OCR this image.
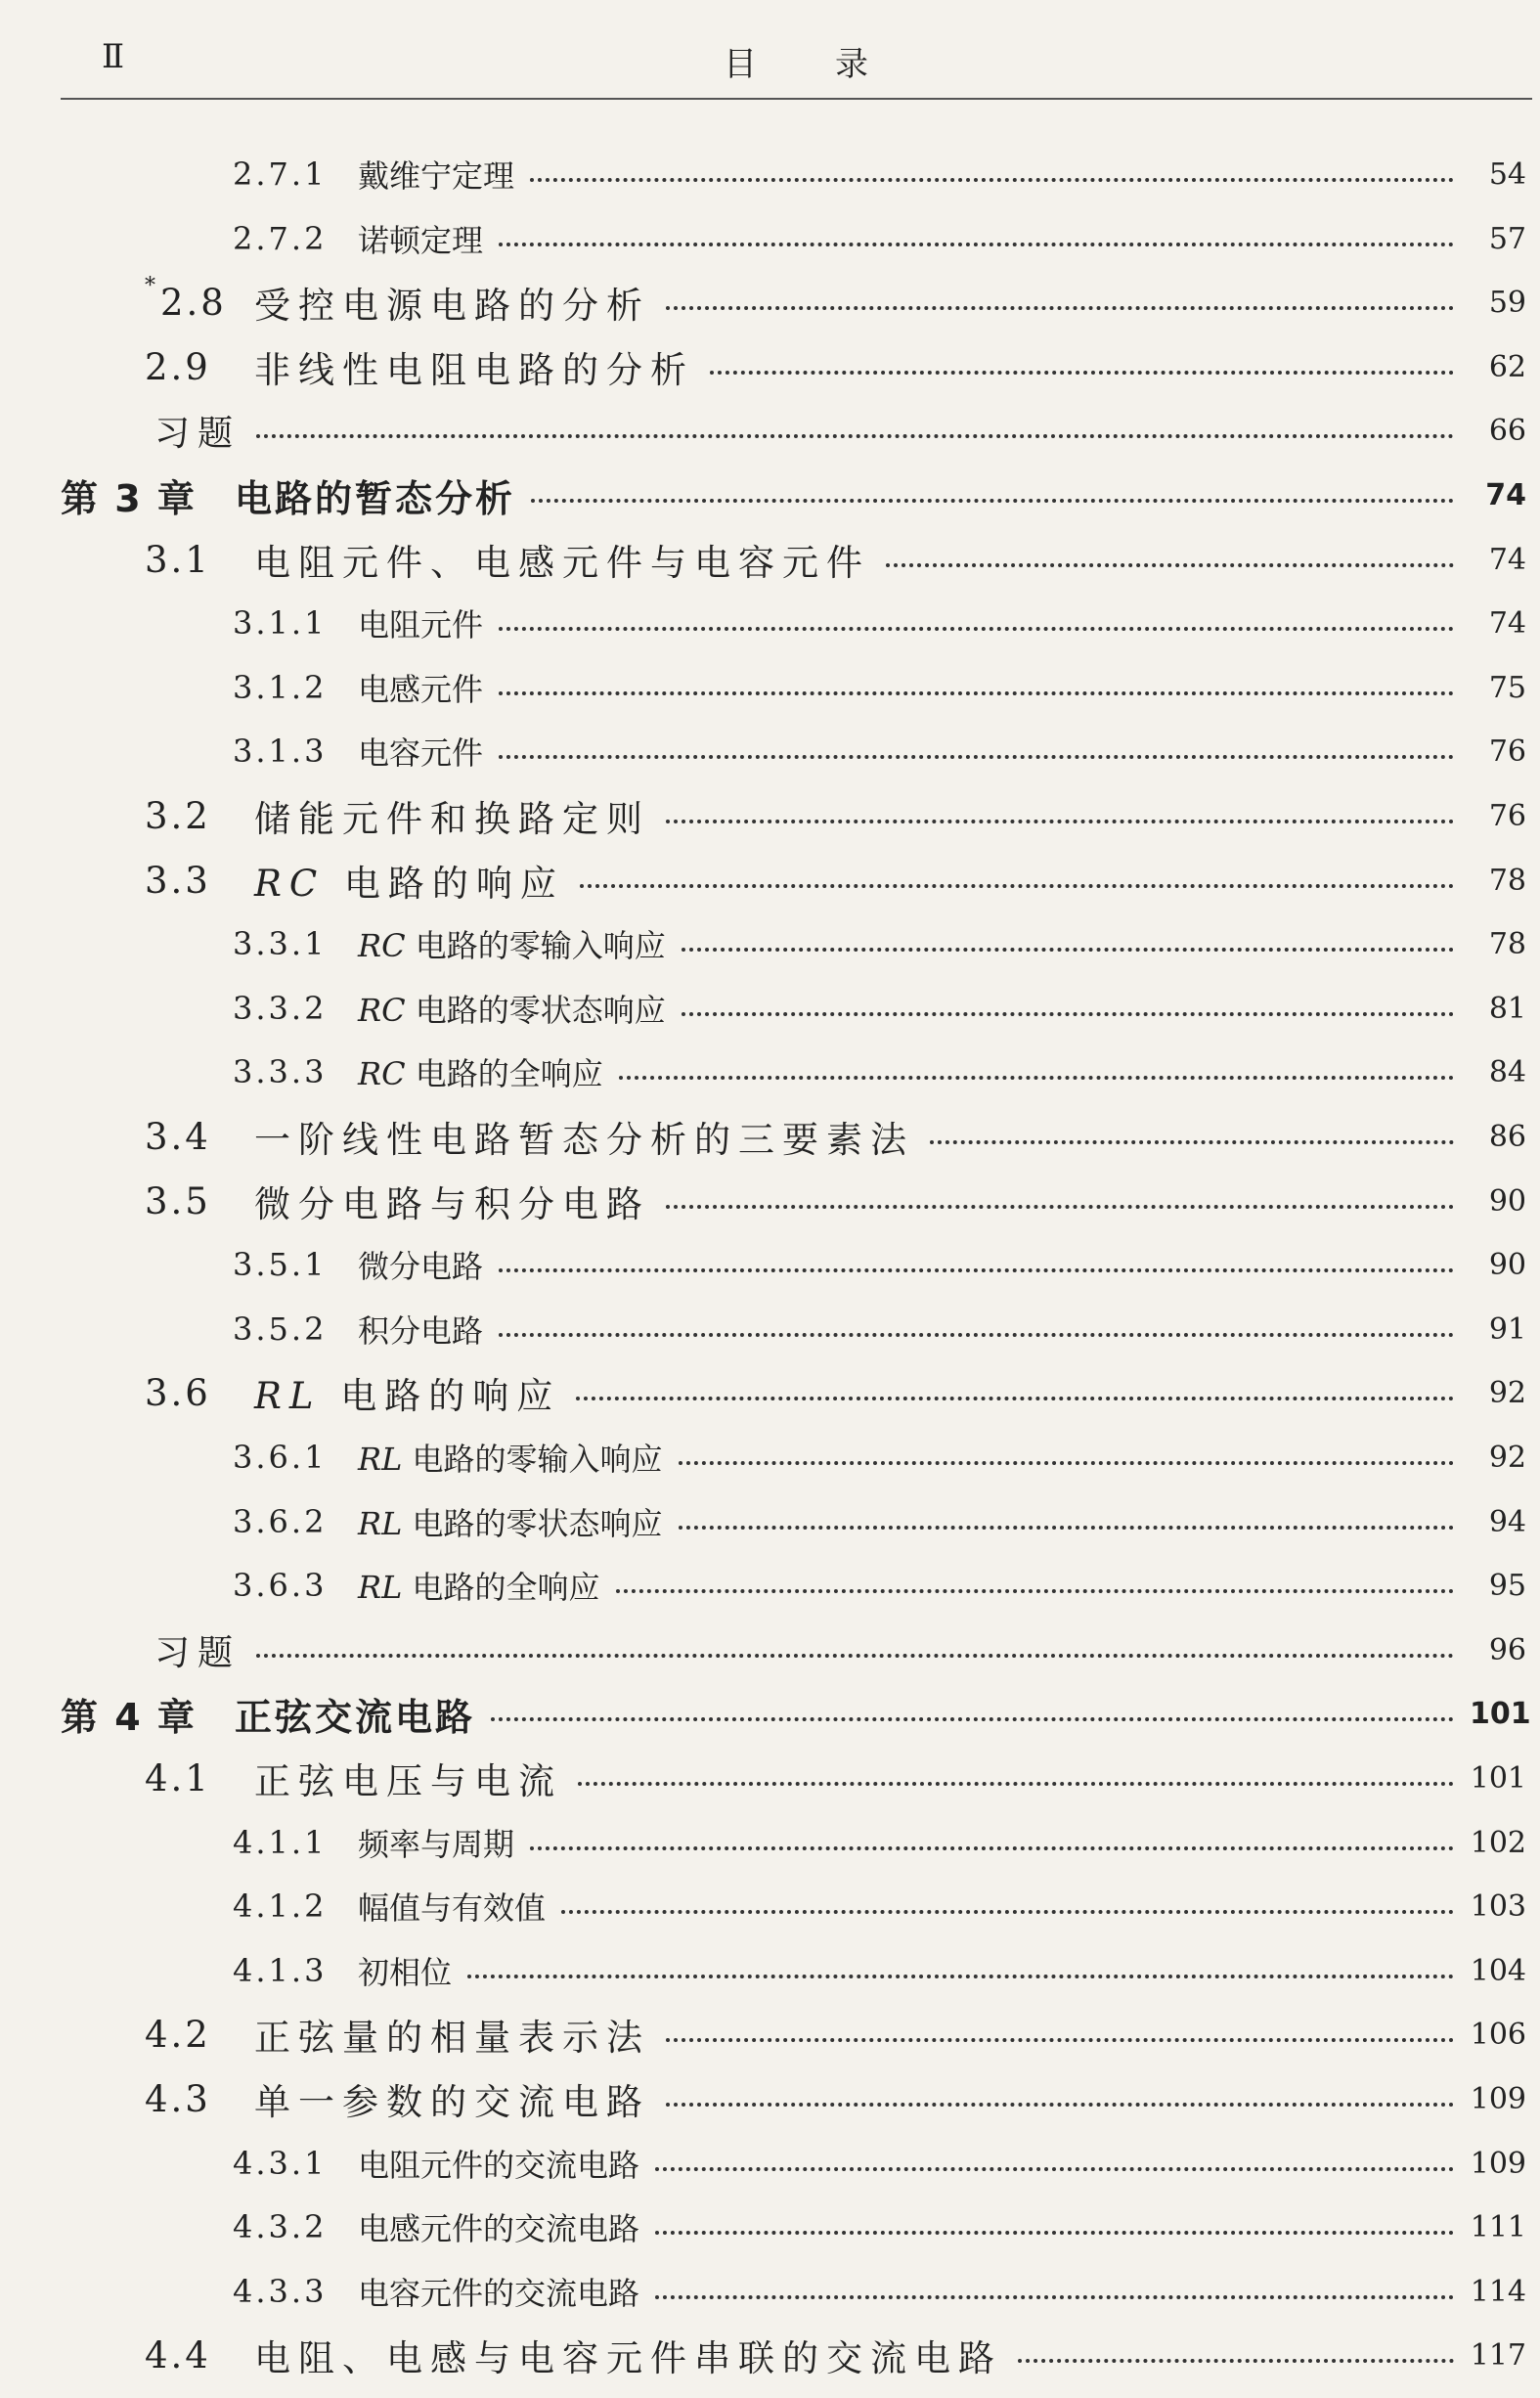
Ⅱ	目录
2.7.1 戴维宁定理	54
2.7.2 诺顿定理	57
*2.8 受控电源电路的分析	59
2.9	非线性电阻电路的分析	62
习题	66
第 3 章	电路的暂态分析	74
3.1	电阻元件、电感元件与电容元件	74
3.1.1 电阻元件	74
3.1.2 电感元件	75
3.1.3 电容元件	76
3.2	储能元件和换路定则	76
3.3	RC 电路的响应	78
3.3.1 RC 电路的零输入响应	78
3.3.2 RC 电路的零状态响应	81
3.3.3 RC 电路的全响应	84
3.4	一阶线性电路暂态分析的三要素法	86
3.5	微分电路与积分电路	90
3.5.1 微分电路	90
3.5.2 积分电路	91
3.6	RL 电路的响应	92
3.6.1 RL 电路的零输入响应	92
3.6.2 RL 电路的零状态响应	94
3.6.3 RL 电路的全响应	95
习题	96
第 4 章	正弦交流电路	101
4.1	正弦电压与电流	101
4.1.1 频率与周期	102
4.1.2 幅值与有效值	103
4.1.3 初相位	104
4.2	正弦量的相量表示法	106
4.3	单一参数的交流电路	109
4.3.1 电阻元件的交流电路	109
4.3.2 电感元件的交流电路	111
4.3.3 电容元件的交流电路	114
4.4	电阻、电感与电容元件串联的交流电路	117
